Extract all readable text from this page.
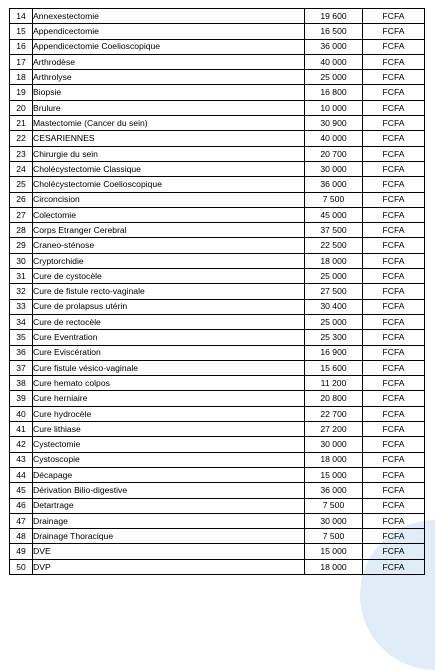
14	Annexestectomie	19 600	FCFA
15	Appendicectomie	16 500	FCFA
16	Appendicectomie Coelioscopique	36 000	FCFA
17	Arthrodèse	40 000	FCFA
18	Arthrolyse	25 000	FCFA
19	Biopsie	16 800	FCFA
20	Brulure	10 000	FCFA
21	Mastectomie (Cancer du sein)	30 900	FCFA
22	CESARIENNES	40 000	FCFA
23	Chirurgie du sein	20 700	FCFA
24	Cholécystectomie Classique	30 000	FCFA
25	Cholécystectomie Coelioscopique	36 000	FCFA
26	Circoncision	7 500	FCFA
27	Colectomie	45 000	FCFA
28	Corps Etranger Cerebral	37 500	FCFA
29	Craneo-sténose	22 500	FCFA
30	Cryptorchidie	18 000	FCFA
31	Cure de cystocèle	25 000	FCFA
32	Cure de fistule recto-vaginale	27 500	FCFA
33	Cure de prolapsus utérin	30 400	FCFA
34	Cure de rectocèle	25 000	FCFA
35	Cure Eventration	25 300	FCFA
36	Cure Eviscération	16 900	FCFA
37	Cure fistule vésico-vaginale	15 600	FCFA
38	Cure hemato colpos	11 200	FCFA
39	Cure herniaire	20 800	FCFA
40	Cure hydrocèle	22 700	FCFA
41	Cure lithiase	27 200	FCFA
42	Cystectomie	30 000	FCFA
43	Cystoscopie	18 000	FCFA
44	Décapage	15 000	FCFA
45	Dérivation Bilio-digestive	36 000	FCFA
46	Detartrage	7 500	FCFA
47	Drainage	30 000	FCFA
48	Drainage Thoracique	7 500	FCFA
49	DVE	15 000	FCFA
50	DVP	18 000	FCFA
